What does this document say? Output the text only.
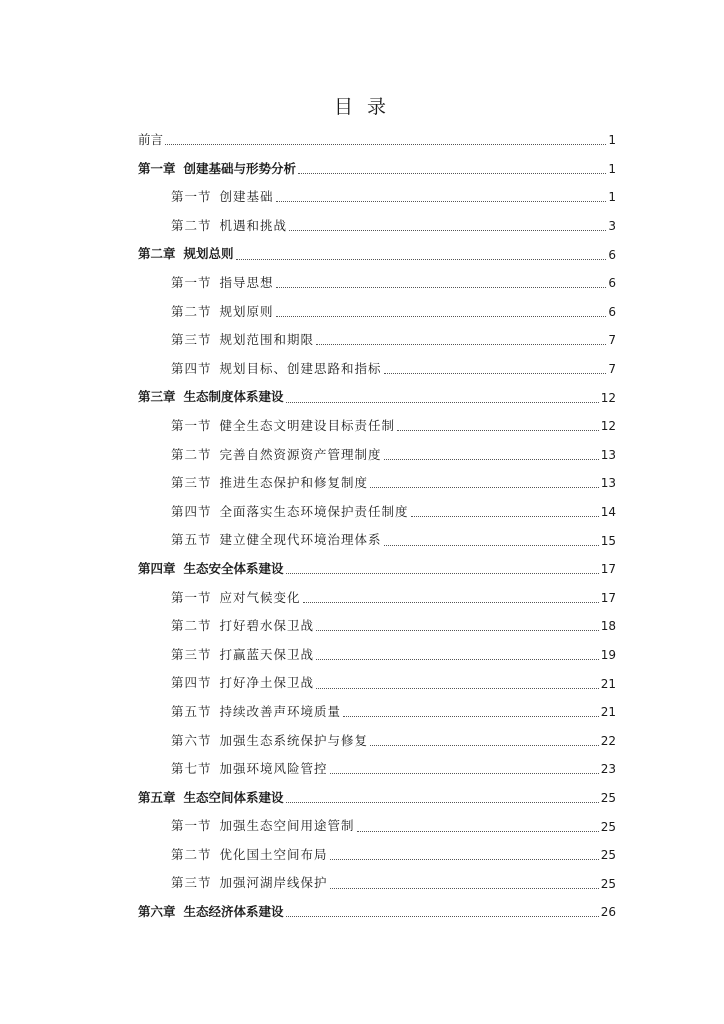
目 录
前言	1
第一章 创建基础与形势分析	1
第一节 创建基础	1
第二节 机遇和挑战	3
第二章 规划总则	6
第一节 指导思想	6
第二节 规划原则	6
第三节 规划范围和期限	7
第四节 规划目标、创建思路和指标	7
第三章 生态制度体系建设	12
第一节 健全生态文明建设目标责任制	12
第二节 完善自然资源资产管理制度	13
第三节 推进生态保护和修复制度	13
第四节 全面落实生态环境保护责任制度	14
第五节 建立健全现代环境治理体系	15
第四章 生态安全体系建设	17
第一节 应对气候变化	17
第二节 打好碧水保卫战	18
第三节 打赢蓝天保卫战	19
第四节 打好净土保卫战	21
第五节 持续改善声环境质量	21
第六节 加强生态系统保护与修复	22
第七节 加强环境风险管控	23
第五章 生态空间体系建设	25
第一节 加强生态空间用途管制	25
第二节 优化国土空间布局	25
第三节 加强河湖岸线保护	25
第六章 生态经济体系建设	26
